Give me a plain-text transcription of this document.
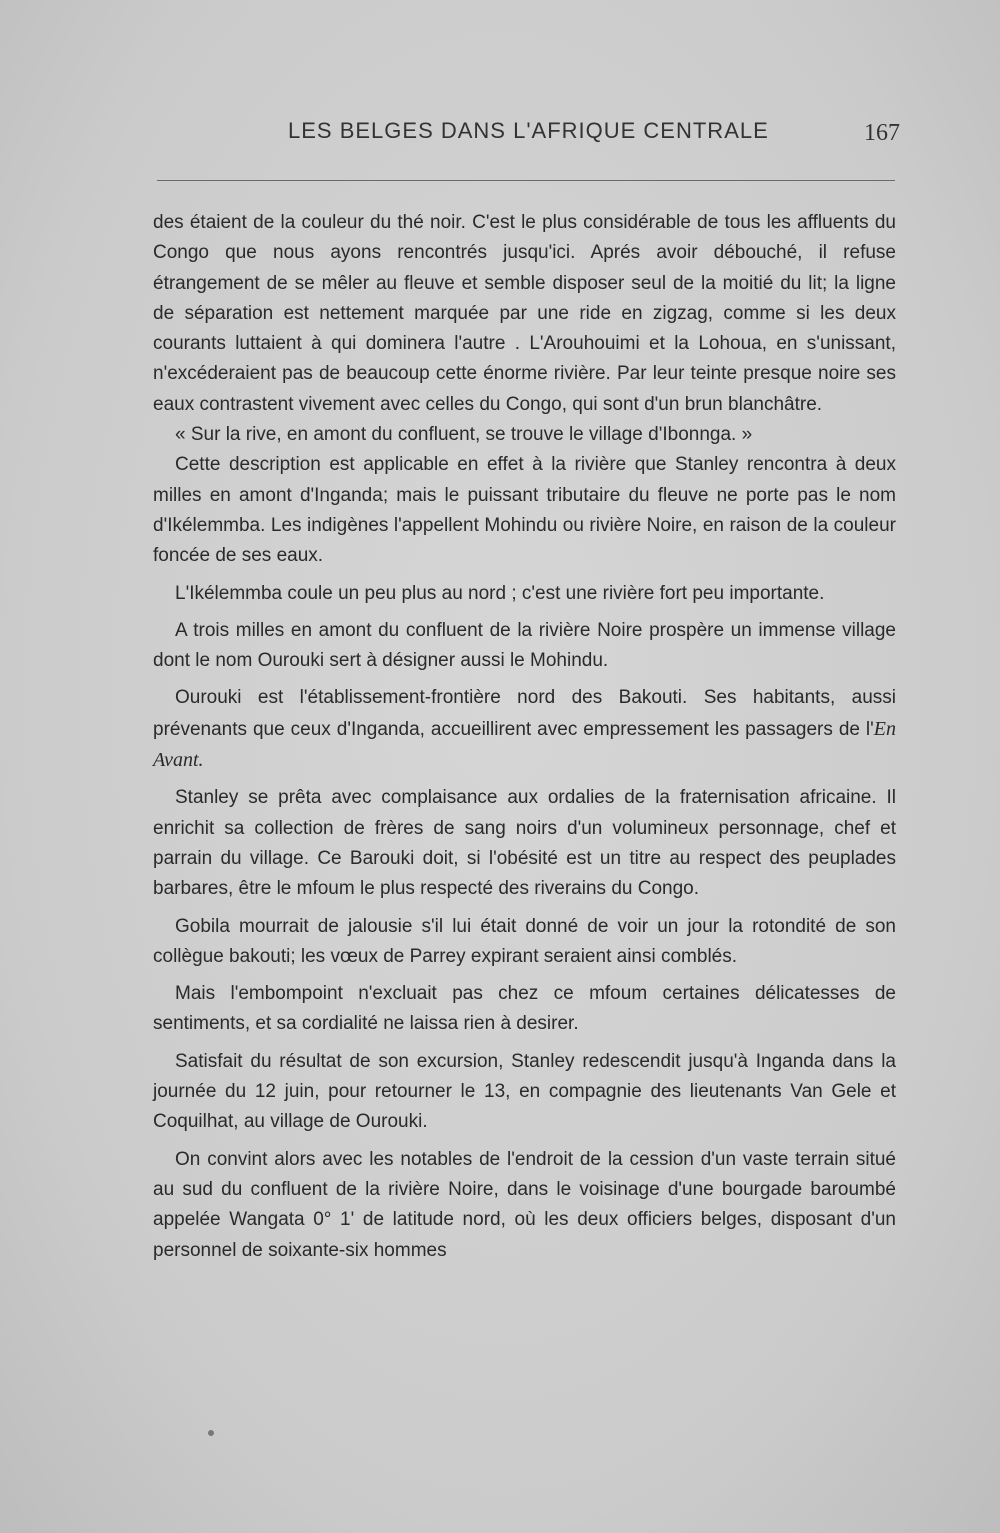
LES BELGES DANS L'AFRIQUE CENTRALE	167

des étaient de la couleur du thé noir. C'est le plus considérable de tous les affluents du Congo que nous ayons rencontrés jusqu'ici. Aprés avoir débouché, il refuse étrangement de se mêler au fleuve et semble disposer seul de la moitié du lit; la ligne de séparation est nettement marquée par une ride en zigzag, comme si les deux courants luttaient à qui dominera l'autre . L'Arouhouimi et la Lohoua, en s'unissant, n'excéderaient pas de beaucoup cette énorme rivière. Par leur teinte presque noire ses eaux contrastent vivement avec celles du Congo, qui sont d'un brun blanchâtre.

« Sur la rive, en amont du confluent, se trouve le village d'Ibonnga. »

Cette description est applicable en effet à la rivière que Stanley rencontra à deux milles en amont d'Inganda; mais le puissant tributaire du fleuve ne porte pas le nom d'Ikélemmba. Les indigènes l'appellent Mohindu ou rivière Noire, en raison de la couleur foncée de ses eaux.

L'Ikélemmba coule un peu plus au nord ; c'est une rivière fort peu importante.

A trois milles en amont du confluent de la rivière Noire prospère un immense village dont le nom Ourouki sert à désigner aussi le Mohindu.

Ourouki est l'établissement-frontière nord des Bakouti. Ses habitants, aussi prévenants que ceux d'Inganda, accueillirent avec empressement les passagers de l'En Avant.

Stanley se prêta avec complaisance aux ordalies de la fraternisation africaine. Il enrichit sa collection de frères de sang noirs d'un volumineux personnage, chef et parrain du village. Ce Barouki doit, si l'obésité est un titre au respect des peuplades barbares, être le mfoum le plus respecté des riverains du Congo.

Gobila mourrait de jalousie s'il lui était donné de voir un jour la rotondité de son collègue bakouti; les vœux de Parrey expirant seraient ainsi comblés.

Mais l'embompoint n'excluait pas chez ce mfoum certaines délicatesses de sentiments, et sa cordialité ne laissa rien à desirer.

Satisfait du résultat de son excursion, Stanley redescendit jusqu'à Inganda dans la journée du 12 juin, pour retourner le 13, en compagnie des lieutenants Van Gele et Coquilhat, au village de Ourouki.

On convint alors avec les notables de l'endroit de la cession d'un vaste terrain situé au sud du confluent de la rivière Noire, dans le voisinage d'une bourgade baroumbé appelée Wangata 0° 1' de latitude nord, où les deux officiers belges, disposant d'un personnel de soixante-six hommes
